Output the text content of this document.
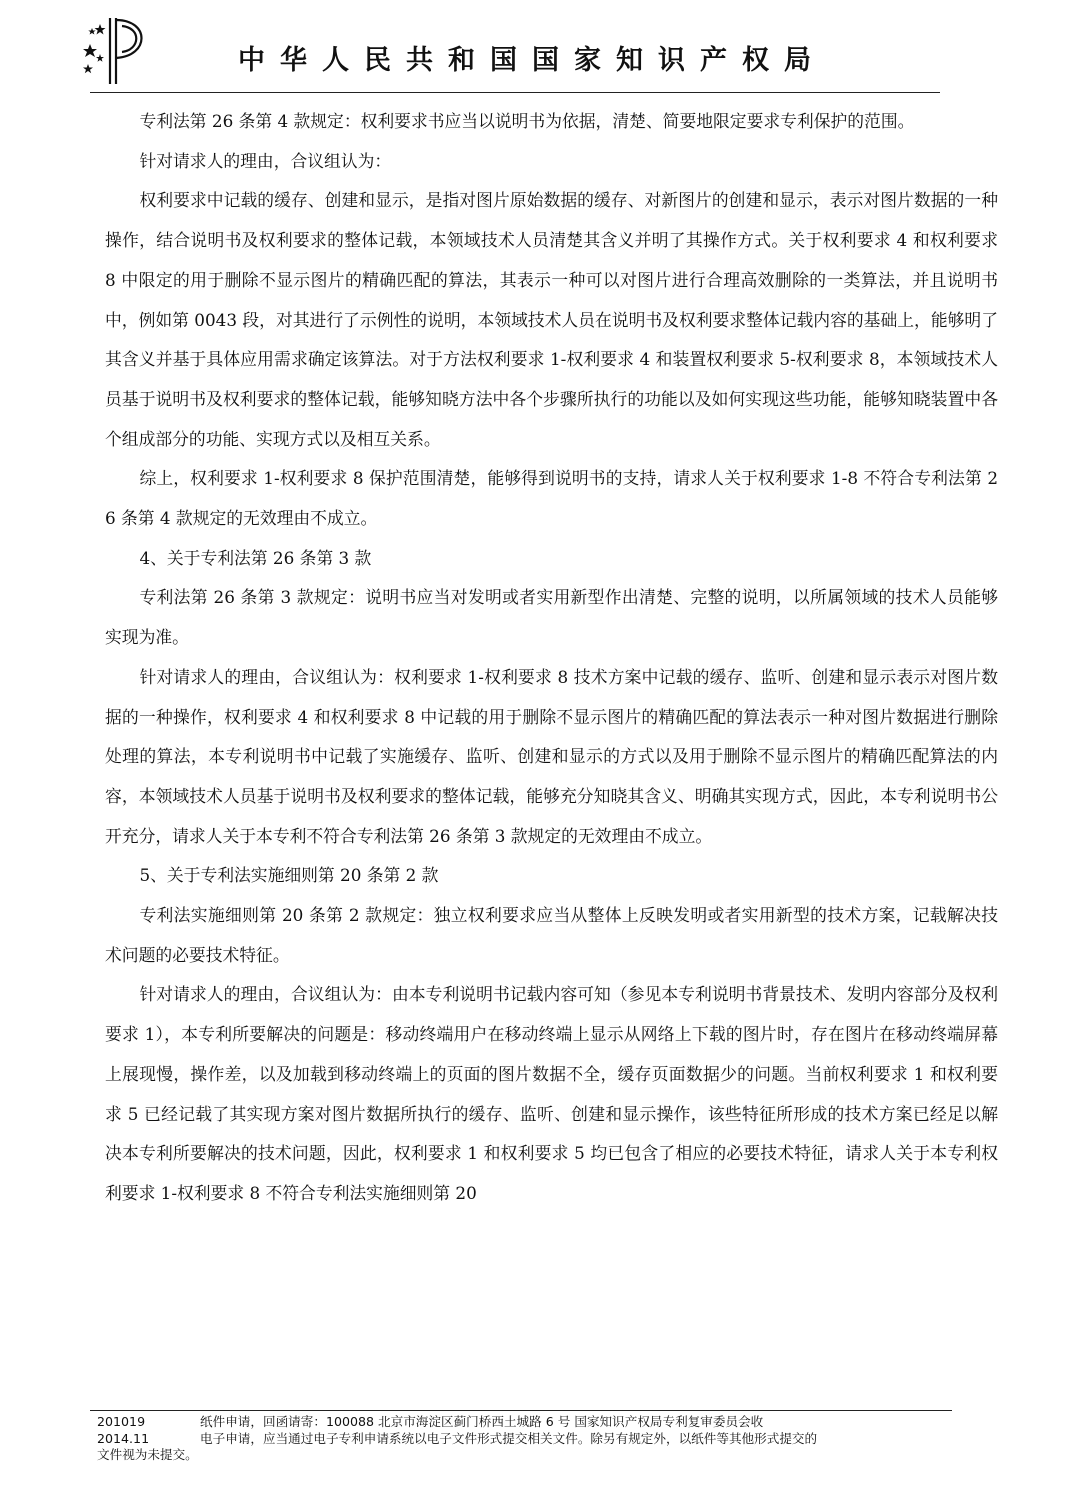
中华人民共和国国家知识产权局

专利法第 26 条第 4 款规定：权利要求书应当以说明书为依据，清楚、简要地限定要求专利保护的范围。

针对请求人的理由，合议组认为：

权利要求中记载的缓存、创建和显示，是指对图片原始数据的缓存、对新图片的创建和显示，表示对图片数据的一种操作，结合说明书及权利要求的整体记载，本领域技术人员清楚其含义并明了其操作方式。关于权利要求 4 和权利要求 8 中限定的用于删除不显示图片的精确匹配的算法，其表示一种可以对图片进行合理高效删除的一类算法，并且说明书中，例如第 0043 段，对其进行了示例性的说明，本领域技术人员在说明书及权利要求整体记载内容的基础上，能够明了其含义并基于具体应用需求确定该算法。对于方法权利要求 1-权利要求 4 和装置权利要求 5-权利要求 8，本领域技术人员基于说明书及权利要求的整体记载，能够知晓方法中各个步骤所执行的功能以及如何实现这些功能，能够知晓装置中各个组成部分的功能、实现方式以及相互关系。

综上，权利要求 1-权利要求 8 保护范围清楚，能够得到说明书的支持，请求人关于权利要求 1-8 不符合专利法第 26 条第 4 款规定的无效理由不成立。

4、关于专利法第 26 条第 3 款

专利法第 26 条第 3 款规定：说明书应当对发明或者实用新型作出清楚、完整的说明，以所属领域的技术人员能够实现为准。

针对请求人的理由，合议组认为：权利要求 1-权利要求 8 技术方案中记载的缓存、监听、创建和显示表示对图片数据的一种操作，权利要求 4 和权利要求 8 中记载的用于删除不显示图片的精确匹配的算法表示一种对图片数据进行删除处理的算法，本专利说明书中记载了实施缓存、监听、创建和显示的方式以及用于删除不显示图片的精确匹配算法的内容，本领域技术人员基于说明书及权利要求的整体记载，能够充分知晓其含义、明确其实现方式，因此，本专利说明书公开充分，请求人关于本专利不符合专利法第 26 条第 3 款规定的无效理由不成立。

5、关于专利法实施细则第 20 条第 2 款

专利法实施细则第 20 条第 2 款规定：独立权利要求应当从整体上反映发明或者实用新型的技术方案，记载解决技术问题的必要技术特征。

针对请求人的理由，合议组认为：由本专利说明书记载内容可知（参见本专利说明书背景技术、发明内容部分及权利要求 1），本专利所要解决的问题是：移动终端用户在移动终端上显示从网络上下载的图片时，存在图片在移动终端屏幕上展现慢，操作差，以及加载到移动终端上的页面的图片数据不全，缓存页面数据少的问题。当前权利要求 1 和权利要求 5 已经记载了其实现方案对图片数据所执行的缓存、监听、创建和显示操作，该些特征所形成的技术方案已经足以解决本专利所要解决的技术问题，因此，权利要求 1 和权利要求 5 均已包含了相应的必要技术特征，请求人关于本专利权利要求 1-权利要求 8 不符合专利法实施细则第 20

201019	纸件申请，回函请寄：100088 北京市海淀区蓟门桥西土城路 6 号 国家知识产权局专利复审委员会收
2014.11	电子申请，应当通过电子专利申请系统以电子文件形式提交相关文件。除另有规定外，以纸件等其他形式提交的
文件视为未提交。
